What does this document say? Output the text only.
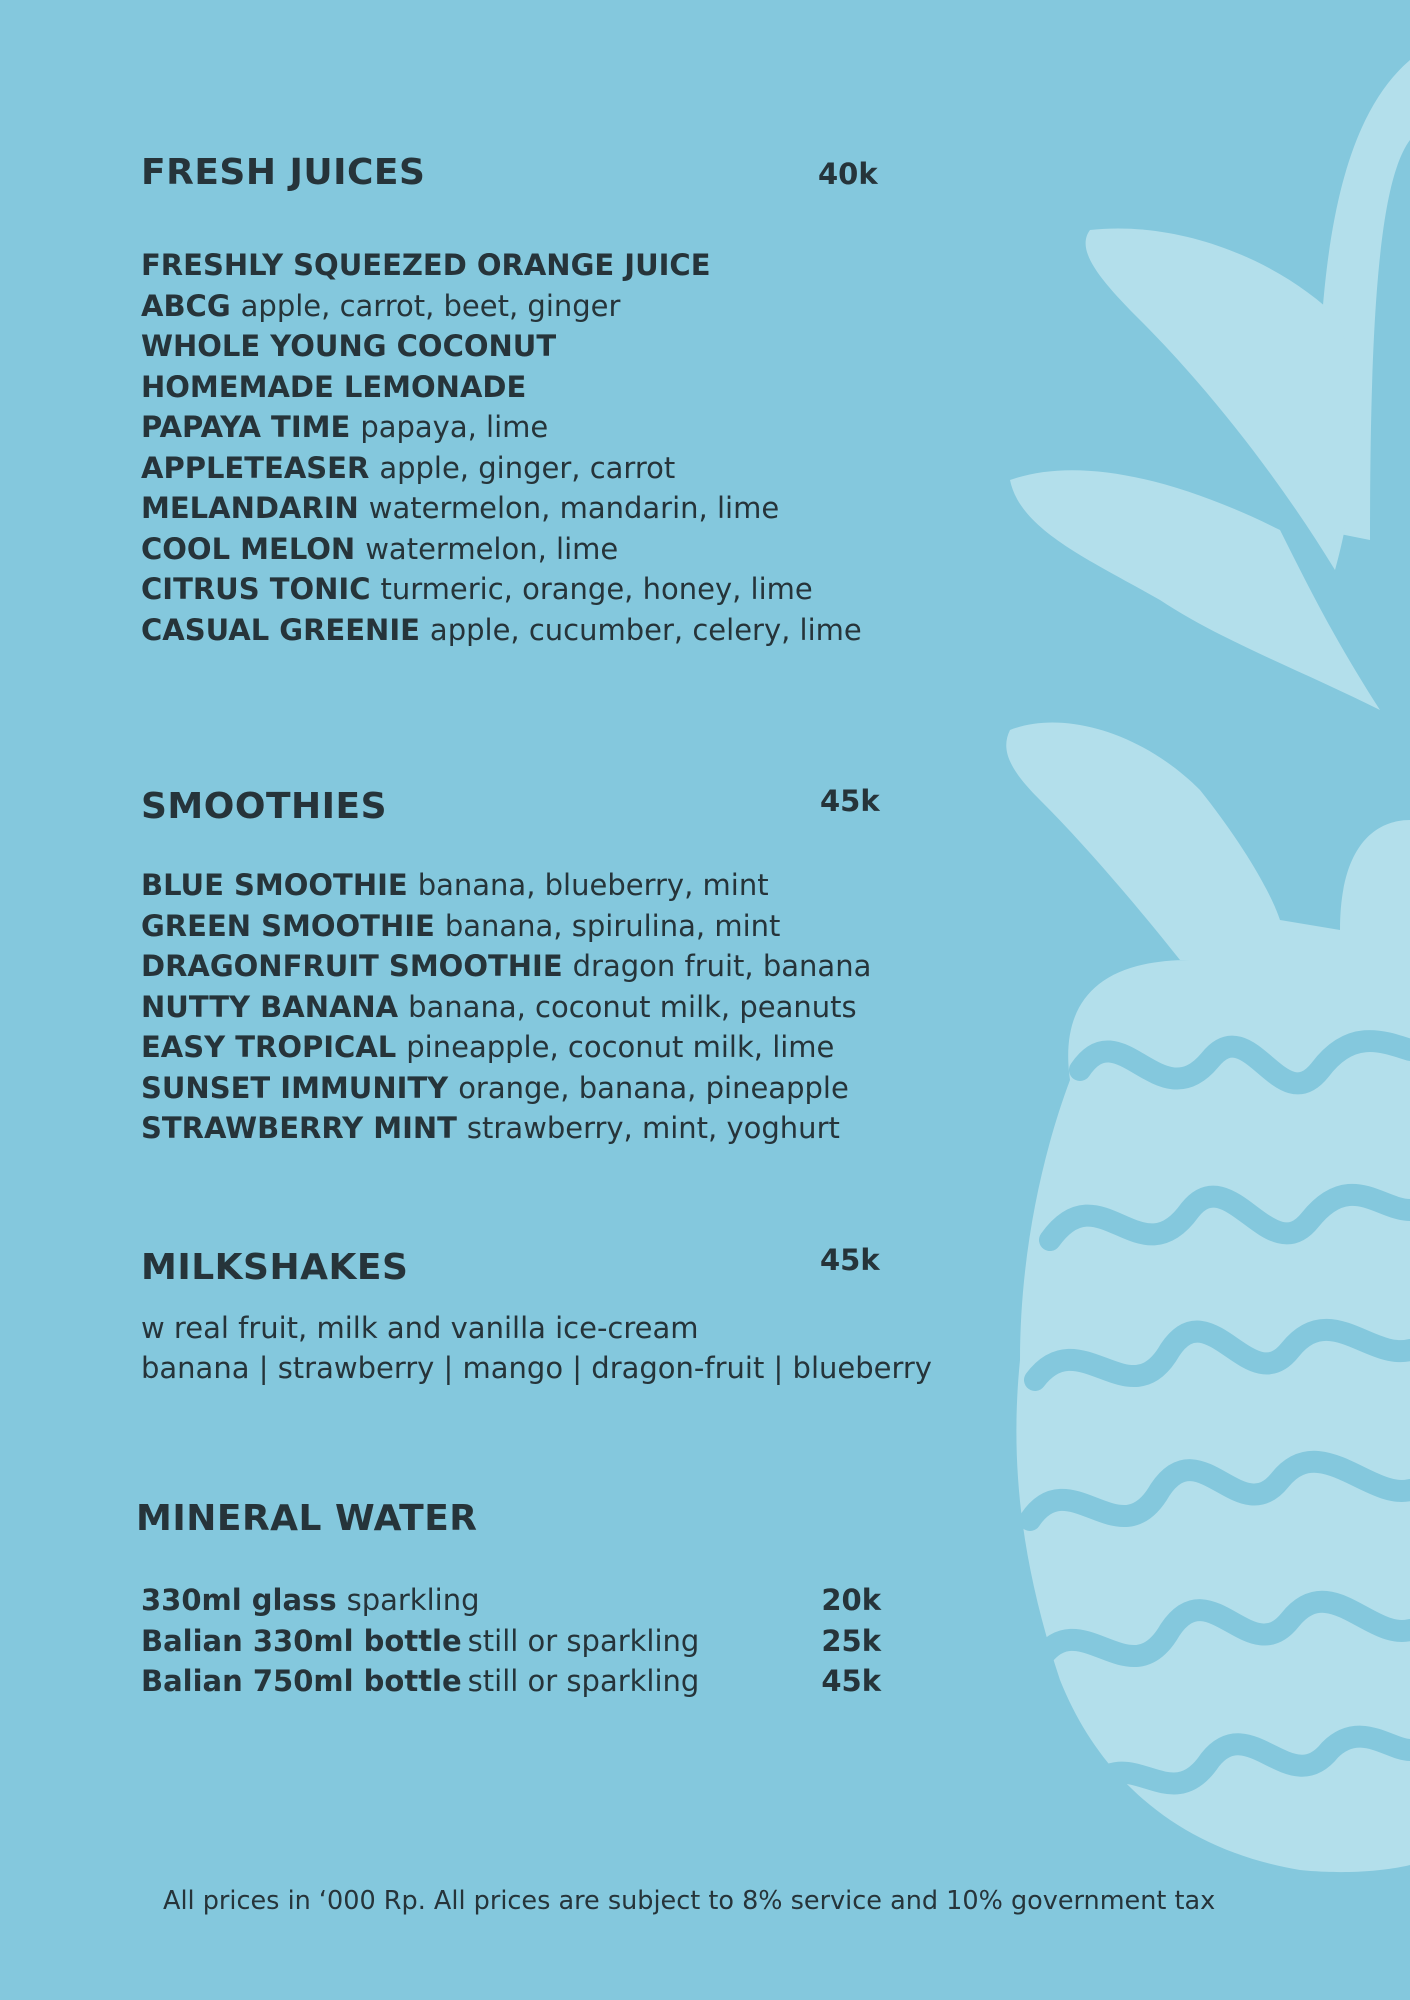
FRESH JUICES	40k
FRESHLY SQUEEZED ORANGE JUICE
ABCG apple, carrot, beet, ginger
WHOLE YOUNG COCONUT
HOMEMADE LEMONADE
PAPAYA TIME papaya, lime
APPLETEASER apple, ginger, carrot
MELANDARIN watermelon, mandarin, lime
COOL MELON watermelon, lime
CITRUS TONIC turmeric, orange, honey, lime
CASUAL GREENIE apple, cucumber, celery, lime
SMOOTHIES	45k
BLUE SMOOTHIE banana, blueberry, mint
GREEN SMOOTHIE banana, spirulina, mint
DRAGONFRUIT SMOOTHIE dragon fruit, banana
NUTTY BANANA banana, coconut milk, peanuts
EASY TROPICAL pineapple, coconut milk, lime
SUNSET IMMUNITY orange, banana, pineapple
STRAWBERRY MINT strawberry, mint, yoghurt
MILKSHAKES	45k
w real fruit, milk and vanilla ice-cream
banana | strawberry | mango | dragon-fruit | blueberry
MINERAL WATER
330ml glass sparkling	20k
Balian 330ml bottle still or sparkling	25k
Balian 750ml bottle still or sparkling	45k
All prices in ‘000 Rp. All prices are subject to 8% service and 10% government tax
